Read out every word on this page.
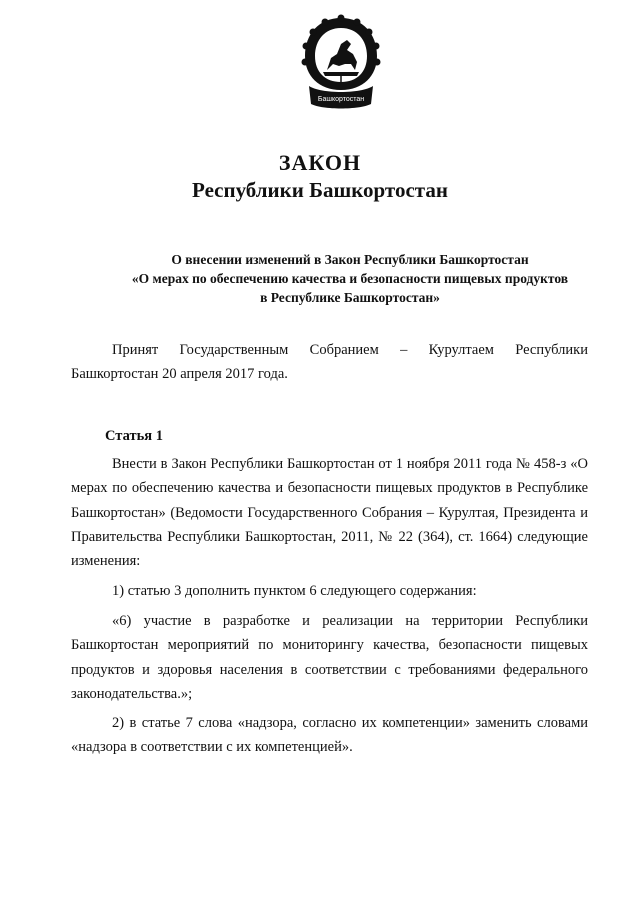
Башкортостан
ЗАКОН
Республики Башкортостан
О внесении изменений в Закон Республики Башкортостан
«О мерах по обеспечению качества и безопасности пищевых продуктов
в Республике Башкортостан»

Принят Государственным Собранием – Курултаем Республики Башкортостан 20 апреля 2017 года.

Статья 1

Внести в Закон Республики Башкортостан от 1 ноября 2011 года № 458-з «О мерах по обеспечению качества и безопасности пищевых продуктов в Республике Башкортостан» (Ведомости Государственного Собрания – Курултая, Президента и Правительства Республики Башкортостан, 2011, № 22 (364), ст. 1664) следующие изменения:

1) статью 3 дополнить пунктом 6 следующего содержания:

«6) участие в разработке и реализации на территории Республики Башкортостан мероприятий по мониторингу качества, безопасности пищевых продуктов и здоровья населения в соответствии с требованиями федерального законодательства.»;

2) в статье 7 слова «надзора, согласно их компетенции» заменить словами «надзора в соответствии с их компетенцией».
